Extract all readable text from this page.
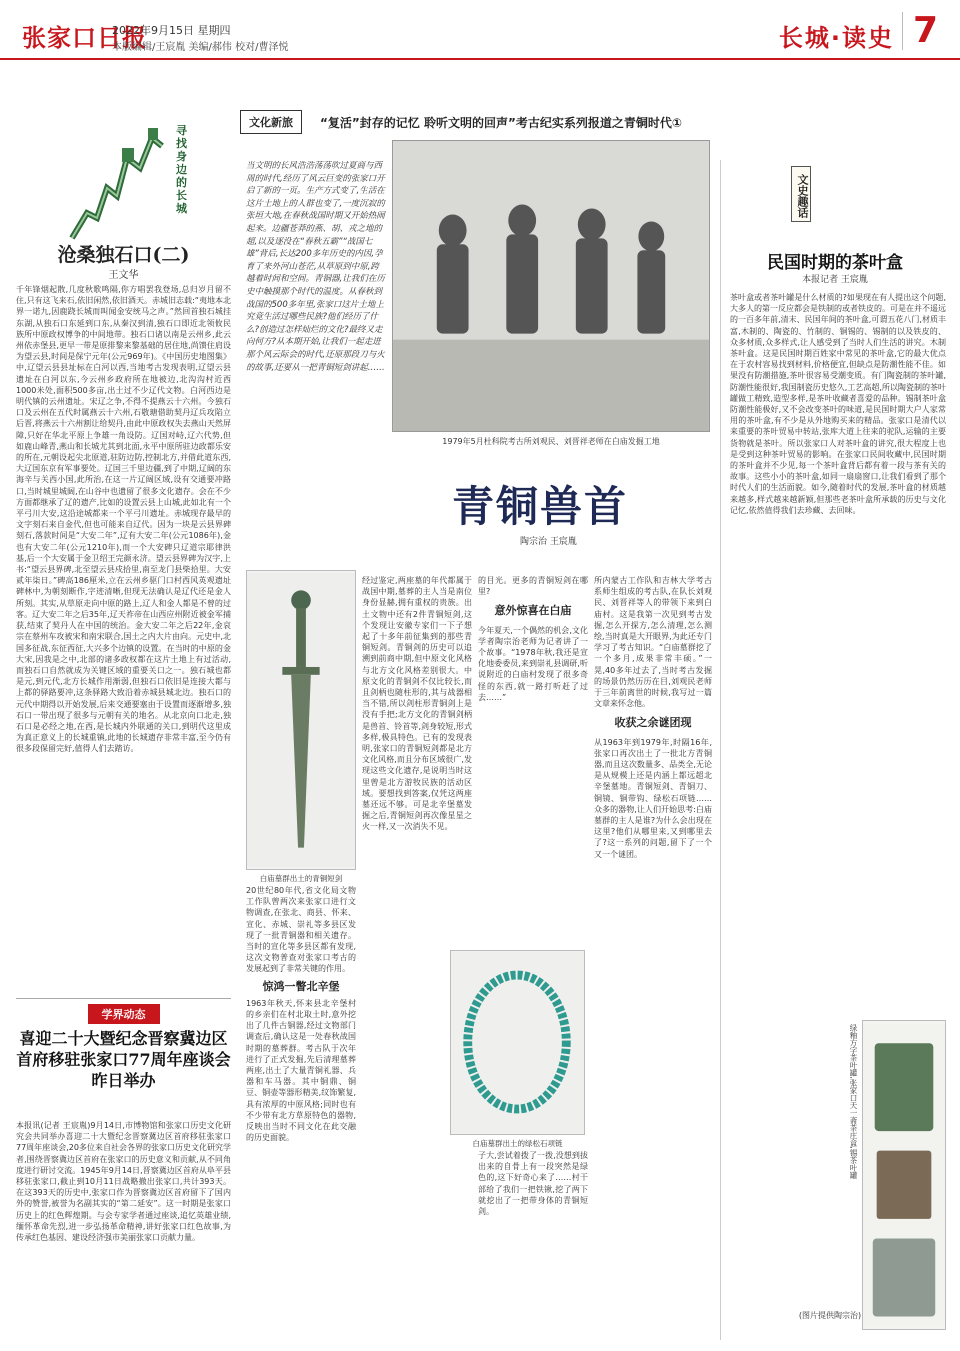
张家口日报
2022年9月15日 星期四
本版编辑/王宸胤 美编/郝伟 校对/曹泽悦	长城·读史 7
寻找身边的长城
沧桑独石口(二)
王文华
千年锋烟起散,几度秋歌鸣隔,你方唱罢我登场,总归岁月留不住,只有这飞来石,依旧闲然,依旧酒天。赤城旧志载:“夷地本北界一诺九,因鹿跷长城而叫闻金安统马之声。”然回首独石城挂东湖,从独石口东延到口东,从秦汉到清,独石口即近北领攸民族所中原政权博争的中间地带。独石口诸以南是云州乡,此云州依赤堡县,更早一带是原排黎来黎基础的居住地,尚馈住肩设为望云县,时间是保宁元年(公元969年)。《中国历史地图集》中,辽望云县县址标在白河以西,当地考古发现表明,辽望云县遗址在白河以东,今云州乡政府所在地被边,北沟沟村近西1000米处,面积500多亩,出土过不少辽代文物。白河西边是明代镇的云州遗址。宋辽之争,不得不提燕云十六州。今独石口及云州在五代时属燕云十六州,石敬瑭借助契丹辽兵攻陷立后晋,将燕云十六州割让给契丹,由此中原政权失去燕山天然屏障,只好在华北平原上争雄一角设防。辽国对峙,辽六代势,但如鹿山峰青,燕山和长城尤其到北面,永平中原所驻边政都乐安的所在,元朝设起尖北原道,驻防边防,控制北方,并借此道东西,大辽国东京有军事要处。辽国三千里边疆,到了中期,辽阔的东海辛与关西小国,此所治,在这一片辽阔区域,设有交通要冲路口,当时城里城阔,在山谷中也遗留了很多文化遗存。会在不少方面都继承了辽的遗产,比如的设置云县上山城,此如北有一个平弓川大安,这沿途城都来一个平弓川遗址。赤城现存最早的文字刻石来自金代,但也可能来自辽代。因为一块是云县界碑刻石,落款时间是“大安二年”,辽有大安二年(公元1086年),金也有大安二年(公元1210年),而一个大安碑只辽道宗耶律洪基,后一个大安属于金卫绍王完颜永济。望云县界碑为汉字,上书:“望云县界碑,北至望云县戍拾里,南至龙门县柴拾里。大安贰年柒日。”碑高186厘米,立在云州乡驱门口村西风英观遗址碑林中,为朝刻断作,字迹清晰,但现无法确认是辽代还是金人所刻。其实,从草原走向中原的路上,辽人和金人都是不曾的过客。辽大安二年之后35年,辽天祚帝在山西应州附近被金军捕获,结束了契丹人在中国的统治。金大安二年之后22年,金哀宗在蔡州车攻被宋和南宋联合,国土之内大片由向。元史中,北国多征战,东征西征,大兴多个边镇的设置。在当时的中原的金大宋,因我是之中,北部的诸多政权都在这片土地上有过活动,而独石口自然就成为关键区域的重要关口之一。独石城也都是元,到元代,北方长城作用渐弱,但独石口依旧是连接大都与上都的驿路要冲,这条驿路大致沿着赤城县城北边。独石口的元代中期得以开始发展,后来交通要塞由于设置而逐渐增多,独石口一带出现了很多与元朝有关的地名。从北京向口北走,独石口是必经之地,在西,是长城内外联通的关口,到明代这里成为真正意义上的长城重镇,此地的长城遗存非常丰富,至今仍有很多段保留完好,值得人们去踏访。
学界动态
喜迎二十大暨纪念晋察冀边区首府移驻张家口77周年座谈会昨日举办
本报讯(记者 王宸胤)9月14日,市博物馆和张家口历史文化研究会共同举办喜迎二十大暨纪念晋察冀边区首府移驻张家口77周年座谈会,20多位来自社会各界的张家口历史文化研究学者,围绕晋察冀边区首府在张家口的历史意义和贡献,从不同角度进行研讨交流。1945年9月14日,晋察冀边区首府从阜平县移驻张家口,截止到10月11日战略撤出张家口,共计393天。在这393天的历史中,张家口作为晋察冀边区首府留下了国内外的赞誉,被誉为名副其实的“第二延安”。这一时期是张家口历史上的红色辉煌期。与会专家学者通过座谈,追忆英雄业绩,缅怀革命先烈,进一步弘扬革命精神,讲好张家口红色故事,为传承红色基因、建设经济强市美丽张家口贡献力量。
文化新旅	“复活”封存的记忆 聆听文明的回声”考古纪实系列报道之青铜时代①
当文明的长风浩浩荡荡吹过夏商与西周的时代,经历了风云巨变的张家口开启了新的一页。生产方式变了,生活在这片土地上的人群也变了,一度沉寂的张垣大地,在春秋战国时期又开始热闹起来。边疆苍莽的燕、胡、戎之地的超,以及逐没在“春秋五霸”“战国七雄”背后,长达200多年历史的内因,孕育了来外河山苍茫,从草原到中原,跨越着时间和空间。青铜器,让我们在历史中触摸那个时代的温度。从春秋到战国的500多年里,张家口这片土地上究竟生活过哪些民族?他们经历了什么?创造过怎样灿烂的文化?最终又走向何方?从本期开始,让我们一起走进那个风云际会的时代,还原那段刀与火的故事,还要从一把青铜短剑讲起……
1979年5月杜科院考古所刘观民、刘晋祥老师在白庙发掘工地
青铜兽首
陶宗治 王宸胤
白庙墓群出土的青铜短剑
20世纪80年代,省文化局文物工作队曾两次来张家口进行文物调查,在张北、商县、怀来、宣化、赤城、崇礼等多县区发现了一批青铜器和相关遗存。当时的宣化等多县区都有发现,这次文物普查对张家口考古的发展起到了非常关键的作用。
惊鸿一瞥北辛堡
1963年秋天,怀来县北辛堡村的乡亲们在村北取土时,意外挖出了几件古铜器,经过文物部门调查后,确认这是一处春秋战国时期的墓葬群。考古队于次年进行了正式发掘,先后清理墓葬两座,出土了大量青铜礼器、兵器和车马器。其中铜鼎、铜豆、铜壶等器形精美,纹饰繁复,具有浓厚的中原风格;同时也有不少带有北方草原特色的器物,反映出当时不同文化在此交融的历史面貌。
经过鉴定,两座墓的年代都属于战国中期,墓葬的主人当是南位身份显赫,拥有重权的贵族。出土文物中还有2件青铜短剑,这个发现让安徽专家们一下子想起了十多年前征集到的那些青铜短剑。青铜剑的历史可以追溯到前商中期,但中原文化风格与北方文化风格差别很大。中原文化的青铜剑不仅比较长,而且剑柄也随柱形的,其与战器相当不错,所以剑柱形青铜剑上是没有手把;北方文化的青铜剑柄是兽首、铃首等,剑身较短,形式多样,极具特色。已有的发现表明,张家口的青铜短剑都是北方文化风格,而且分布区域很广,发现这些文化遗存,是说明当时这里曾是北方游牧民族的活动区域。要想找到答案,仅凭这两座墓还远不够。可是北辛堡墓发掘之后,青铜短剑再次像星星之火一样,又一次消失不见。
的目光。更多的青铜短剑在哪里?
意外惊喜在白庙
今年夏天,一个偶然的机会,文化学者陶宗治老师为记者讲了一个故事。“1978年秋,我还是宣化地委委员,来到崇礼县调研,听说附近的白庙村发现了很多奇怪的东西,就一路打听赶了过去……”
白庙墓群出土的绿松石项链
子大,尝试着拨了一拨,没想到拔出来的自骨上有一段突然是绿色的,这下好奇心来了……村干部给了我们一把铁锹,挖了两下就挖出了一把带身体的青铜短剑。
所内蒙古工作队和吉林大学考古系师生组成的考古队,在队长刘观民、刘晋祥等人的带领下来到白庙村。这是我第一次见到考古发掘,怎么开探方,怎么清理,怎么测绘,当时真是大开眼界,为此还专门学习了考古知识。“白庙墓群挖了一个多月,成果非常丰硕。”一晃,40多年过去了,当时考古发掘的场景仍然历历在目,刘观民老师于三年前离世的时候,我写过一篇文章来怀念他。
收获之余谜团现
从1963年到1979年,时隔16年,张家口再次出土了一批北方青铜器,而且这次数量多、品类全,无论是从规模上还是内涵上都远超北辛堡墓地。青铜短剑、青铜刀、铜镜、铜带钩、绿松石项链……众多的器物,让人们开始思考:白庙墓群的主人是谁?为什么会出现在这里?他们从哪里来,又到哪里去了?这一系列的问题,留下了一个又一个谜团。
文史趣话
民国时期的茶叶盒
本报记者 王宸胤
茶叶盒或者茶叶罐是什么材质的?如果现在有人提出这个问题,大多人的第一反应都会是铁制的或者铁皮的。可是在并不遥远的一百多年前,清末、民国年间的茶叶盒,可谓五花八门,材质丰富,木制的、陶瓷的、竹制的、铜锡的、锡制的以及铁皮的、众多材质,众多样式,让人感受到了当时人们生活的讲究。木制茶叶盒。这是民国时期百姓家中常见的茶叶盒,它的最大优点在于农村容易找到材料,价格便宜,但缺点是防潮性能不佳。如果没有防潮措施,茶叶很容易受潮变质。有门陶瓷制的茶叶罐,防潮性能很好,我国制瓷历史悠久,工艺高超,所以陶瓷制的茶叶罐做工精致,造型多样,是茶叶收藏者喜爱的品种。锡制茶叶盒防潮性能极好,又不会改变茶叶的味道,是民国时期大户人家常用的茶叶盒,有不少是从外地购买来的精品。张家口是清代以来重要的茶叶贸易中转站,张库大道上往来的驼队,运输的主要货物就是茶叶。所以张家口人对茶叶盒的讲究,很大程度上也是受到这种茶叶贸易的影响。在张家口民间收藏中,民国时期的茶叶盒并不少见,每一个茶叶盒背后都有着一段与茶有关的故事。这些小小的茶叶盒,如同一扇扇窗口,让我们看到了那个时代人们的生活面貌。如今,随着时代的发展,茶叶盒的材质越来越多,样式越来越新颖,但那些老茶叶盒所承载的历史与文化记忆,依然值得我们去珍藏、去回味。
绿釉方字茶叶罐,张家口天一斋茶庄盒,锡茶叶罐
(图片提供陶宗治)
